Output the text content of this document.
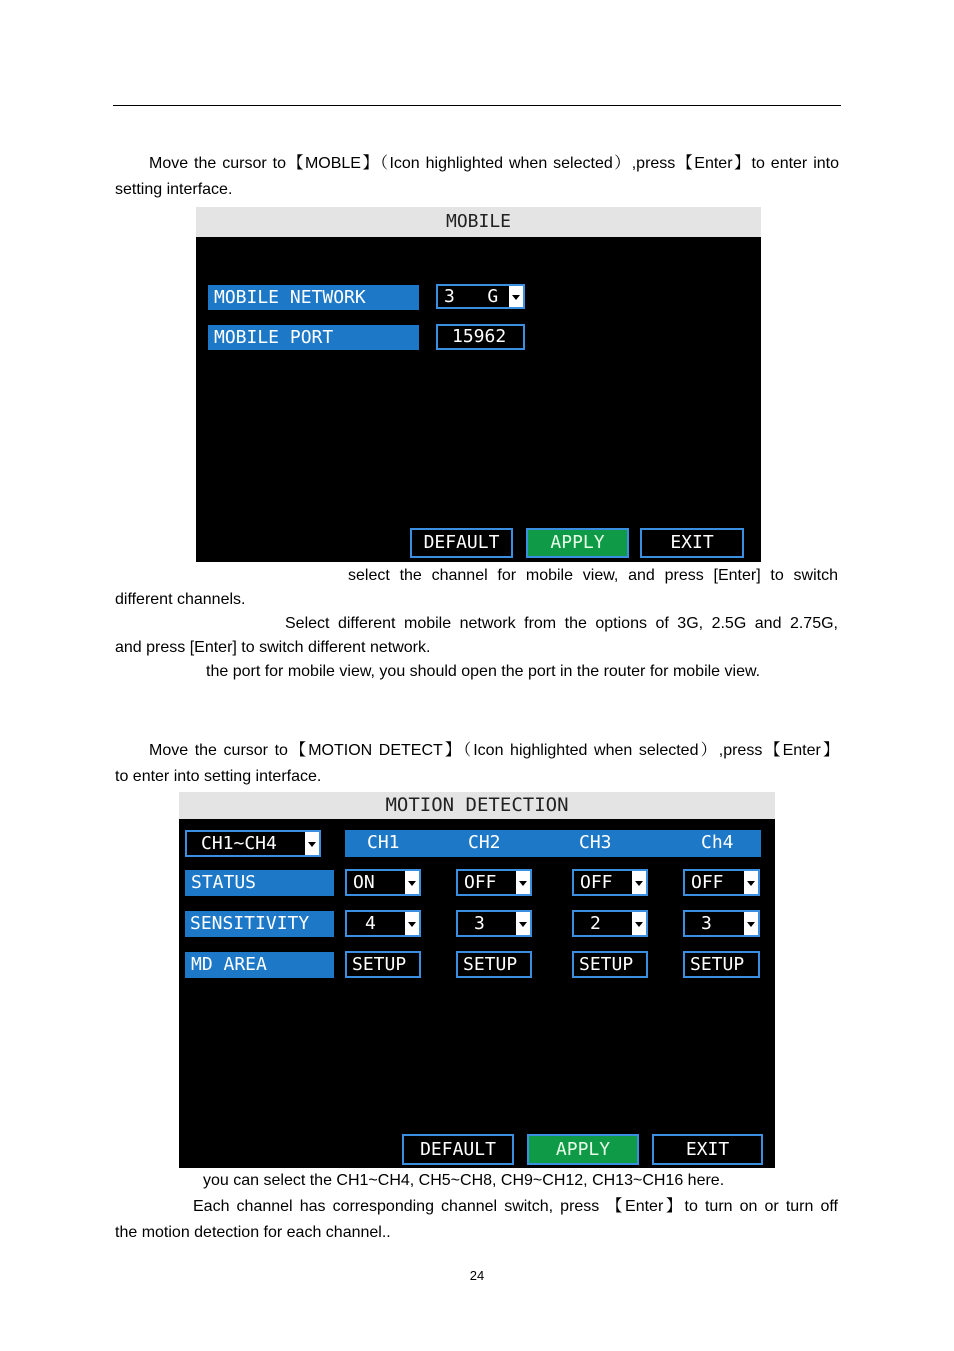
Move the cursor to【MOBLE】（Icon highlighted when selected）,press【Enter】to enter into
setting interface.
MOBILE
MOBILE NETWORK	3   G
MOBILE PORT	15962
DEFAULT	APPLY	EXIT
select the channel for mobile view, and press [Enter] to switch
different channels.
Select different mobile network from the options of 3G, 2.5G and 2.75G,
and press [Enter] to switch different network.
the port for mobile view, you should open the port in the router for mobile view.
Move the cursor to【MOTION DETECT】（Icon highlighted when selected）,press【Enter】
to enter into setting interface.
MOTION DETECTION
CH1~CH4	CH1	CH2	CH3	Ch4
STATUS	ON	OFF	OFF	OFF
SENSITIVITY	4	3	2	3
MD AREA	SETUP	SETUP	SETUP	SETUP
DEFAULT	APPLY	EXIT
you can select the CH1~CH4, CH5~CH8, CH9~CH12, CH13~CH16 here.
Each channel has corresponding channel switch, press 【Enter】to turn on or turn off
the motion detection for each channel..
24
